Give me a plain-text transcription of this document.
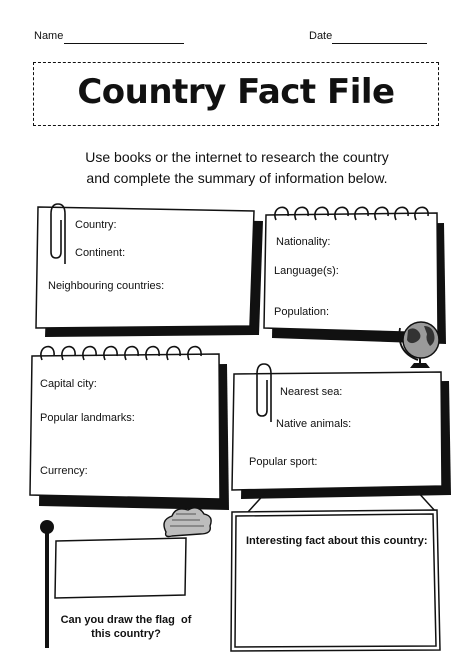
Name	Date
Country Fact File
Use books or the internet to research the country
and complete the summary of information below.
Country:
Continent:
Neighbouring countries:
Nationality:
Language(s):
Population:
Capital city:
Popular landmarks:
Currency:
Nearest sea:
Native animals:
Popular sport:
Interesting fact about this country:
Can you draw the flag  of
this country?
